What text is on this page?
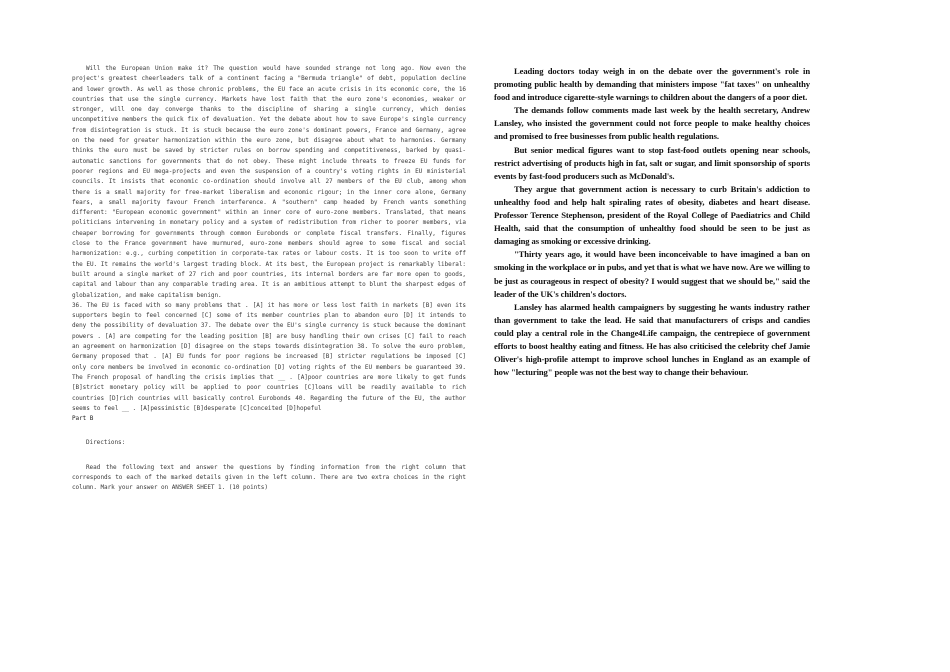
Will the European Union make it? The question would have sounded strange not long ago. Now even the project's greatest cheerleaders talk of a continent facing a "Bermuda triangle" of debt, population decline and lower growth. As well as those chronic problems, the EU face an acute crisis in its economic core, the 16 countries that use the single currency. Markets have lost faith that the euro zone's economies, weaker or stronger, will one day converge thanks to the discipline of sharing a single currency, which denies uncompetitive members the quick fix of devaluation. Yet the debate about how to save Europe's single currency from disintegration is stuck. It is stuck because the euro zone's dominant powers, France and Germany, agree on the need for greater harmonization within the euro zone, but disagree about what to harmonies. Germany thinks the euro must be saved by stricter rules on borrow spending and competitiveness, barked by quasi-automatic sanctions for governments that do not obey. These might include threats to freeze EU funds for poorer regions and EU mega-projects and even the suspension of a country's voting rights in EU ministerial councils. It insists that economic co-ordination should involve all 27 members of the EU club, among whom there is a small majority for free-market liberalism and economic rigour; in the inner core alone, Germany fears, a small majority favour French interference. A "southern" camp headed by French wants something different: "European economic government" within an inner core of euro-zone members. Translated, that means politicians intervening in monetary policy and a system of redistribution from richer to poorer members, via cheaper borrowing for governments through common Eurobonds or complete fiscal transfers. Finally, figures close to the France government have murmured, euro-zone members should agree to some fiscal and social harmonization: e.g., curbing competition in corporate-tax rates or labour costs. It is too soon to write off the EU. It remains the world's largest trading block. At its best, the European project is remarkably liberal: built around a single market of 27 rich and poor countries, its internal borders are far more open to goods, capital and labour than any comparable trading area. It is an ambitious attempt to blunt the sharpest edges of globalization, and make capitalism benign.

36. The EU is faced with so many problems that . [A] it has more or less lost faith in markets [B] even its supporters begin to feel concerned [C] some of its member countries plan to abandon euro [D] it intends to deny the possibility of devaluation 37. The debate over the EU's single currency is stuck because the dominant powers . [A] are competing for the leading position [B] are busy handling their own crises [C] fail to reach an agreement on harmonization [D] disagree on the steps towards disintegration 38. To solve the euro problem, Germany proposed that . [A] EU funds for poor regions be increased [B] stricter regulations be imposed [C] only core members be involved in economic co-ordination [D] voting rights of the EU members be guaranteed 39. The French proposal of handling the crisis implies that __ . [A]poor countries are more likely to get funds [B]strict monetary policy will be applied to poor countries [C]loans will be readily available to rich countries [D]rich countries will basically control Eurobonds 40. Regarding the future of the EU, the author seems to feel __ . [A]pessimistic [B]desperate [C]conceited [D]hopeful

Part B

Directions:

Read the following text and answer the questions by finding information from the right column that corresponds to each of the marked details given in the left column. There are two extra choices in the right column. Mark your answer on ANSWER SHEET 1. (10 points)

Leading doctors today weigh in on the debate over the government's role in promoting public health by demanding that ministers impose "fat taxes" on unhealthy food and introduce cigarette-style warnings to children about the dangers of a poor diet.

The demands follow comments made last week by the health secretary, Andrew Lansley, who insisted the government could not force people to make healthy choices and promised to free businesses from public health regulations.

But senior medical figures want to stop fast-food outlets opening near schools, restrict advertising of products high in fat, salt or sugar, and limit sponsorship of sports events by fast-food producers such as McDonald's.

They argue that government action is necessary to curb Britain's addiction to unhealthy food and help halt spiraling rates of obesity, diabetes and heart disease. Professor Terence Stephenson, president of the Royal College of Paediatrics and Child Health, said that the consumption of unhealthy food should be seen to be just as damaging as smoking or excessive drinking.

"Thirty years ago, it would have been inconceivable to have imagined a ban on smoking in the workplace or in pubs, and yet that is what we have now. Are we willing to be just as courageous in respect of obesity? I would suggest that we should be," said the leader of the UK's children's doctors.

Lansley has alarmed health campaigners by suggesting he wants industry rather than government to take the lead. He said that manufacturers of crisps and candies could play a central role in the Change4Life campaign, the centrepiece of government efforts to boost healthy eating and fitness. He has also criticised the celebrity chef Jamie Oliver's high-profile attempt to improve school lunches in England as an example of how "lecturing" people was not the best way to change their behaviour.
